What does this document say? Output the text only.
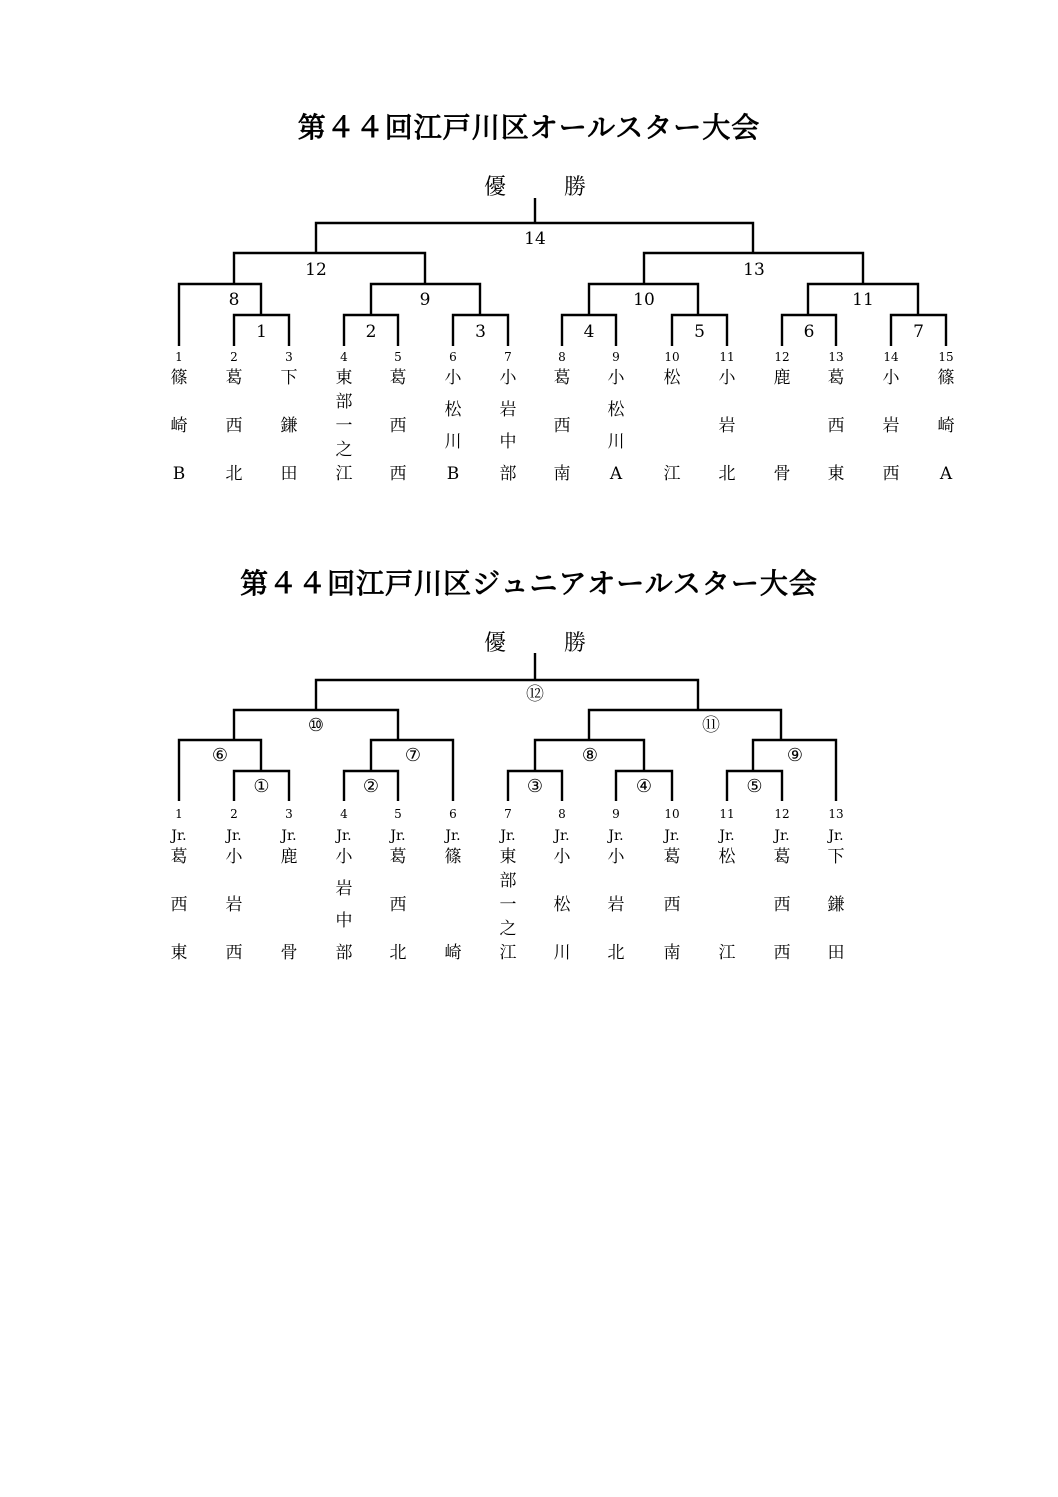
第４４回江戸川区オールスター大会
優	勝
14
12	13
8	9	10	11
1	2	3	4	5	6	7
1
篠
崎
B
2
葛
西
北
3
下
鎌
田
4
東
部
一
之
江
5
葛
西
西
6
小
松
川
B
7
小
岩
中
部
8
葛
西
南
9
小
松
川
A
10
松
江
11
小
岩
北
12
鹿
骨
13
葛
西
東
14
小
岩
西
15
篠
崎
A
第４４回江戸川区ジュニアオールスター大会
優	勝
⑫
⑩	⑪
⑥	⑦	⑧	⑨
①	②	③	④	⑤
1
Jr.
葛
西
東
2
Jr.
小
岩
西
3
Jr.
鹿
骨
4
Jr.
小
岩
中
部
5
Jr.
葛
西
北
6
Jr.
篠
崎
7
Jr.
東
部
一
之
江
8
Jr.
小
松
川
9
Jr.
小
岩
北
10
Jr.
葛
西
南
11
Jr.
松
江
12
Jr.
葛
西
西
13
Jr.
下
鎌
田
